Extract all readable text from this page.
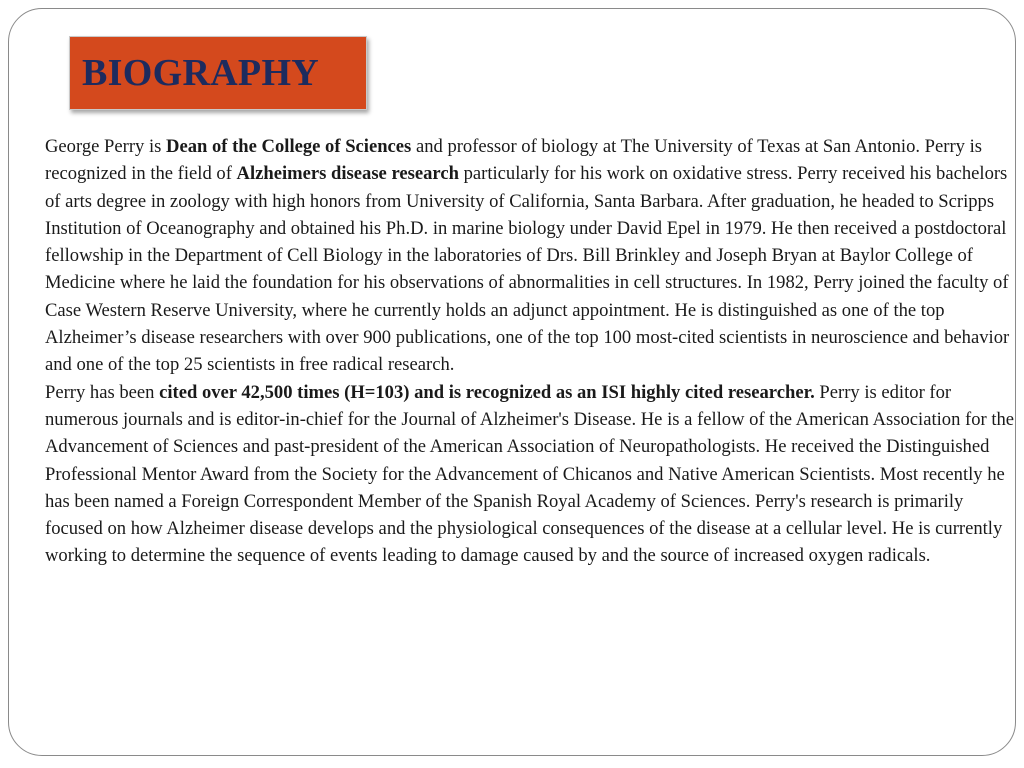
BIOGRAPHY

George Perry is Dean of the College of Sciences and professor of biology at The University of Texas at San Antonio. Perry is recognized in the field of Alzheimers disease research particularly for his work on oxidative stress. Perry received his bachelors of arts degree in zoology with high honors from University of California, Santa Barbara. After graduation, he headed to Scripps Institution of Oceanography and obtained his Ph.D. in marine biology under David Epel in 1979. He then received a postdoctoral fellowship in the Department of Cell Biology in the laboratories of Drs. Bill Brinkley and Joseph Bryan at Baylor College of Medicine where he laid the foundation for his observations of abnormalities in cell structures. In 1982, Perry joined the faculty of Case Western Reserve University, where he currently holds an adjunct appointment. He is distinguished as one of the top Alzheimer’s disease researchers with over 900 publications, one of the top 100 most-cited scientists in neuroscience and behavior and one of the top 25 scientists in free radical research.

Perry has been cited over 42,500 times (H=103) and is recognized as an ISI highly cited researcher. Perry is editor for numerous journals and is editor-in-chief for the Journal of Alzheimer's Disease. He is a fellow of the American Association for the Advancement of Sciences and past-president of the American Association of Neuropathologists. He received the Distinguished Professional Mentor Award from the Society for the Advancement of Chicanos and Native American Scientists. Most recently he has been named a Foreign Correspondent Member of the Spanish Royal Academy of Sciences. Perry's research is primarily focused on how Alzheimer disease develops and the physiological consequences of the disease at a cellular level. He is currently working to determine the sequence of events leading to damage caused by and the source of increased oxygen radicals.
